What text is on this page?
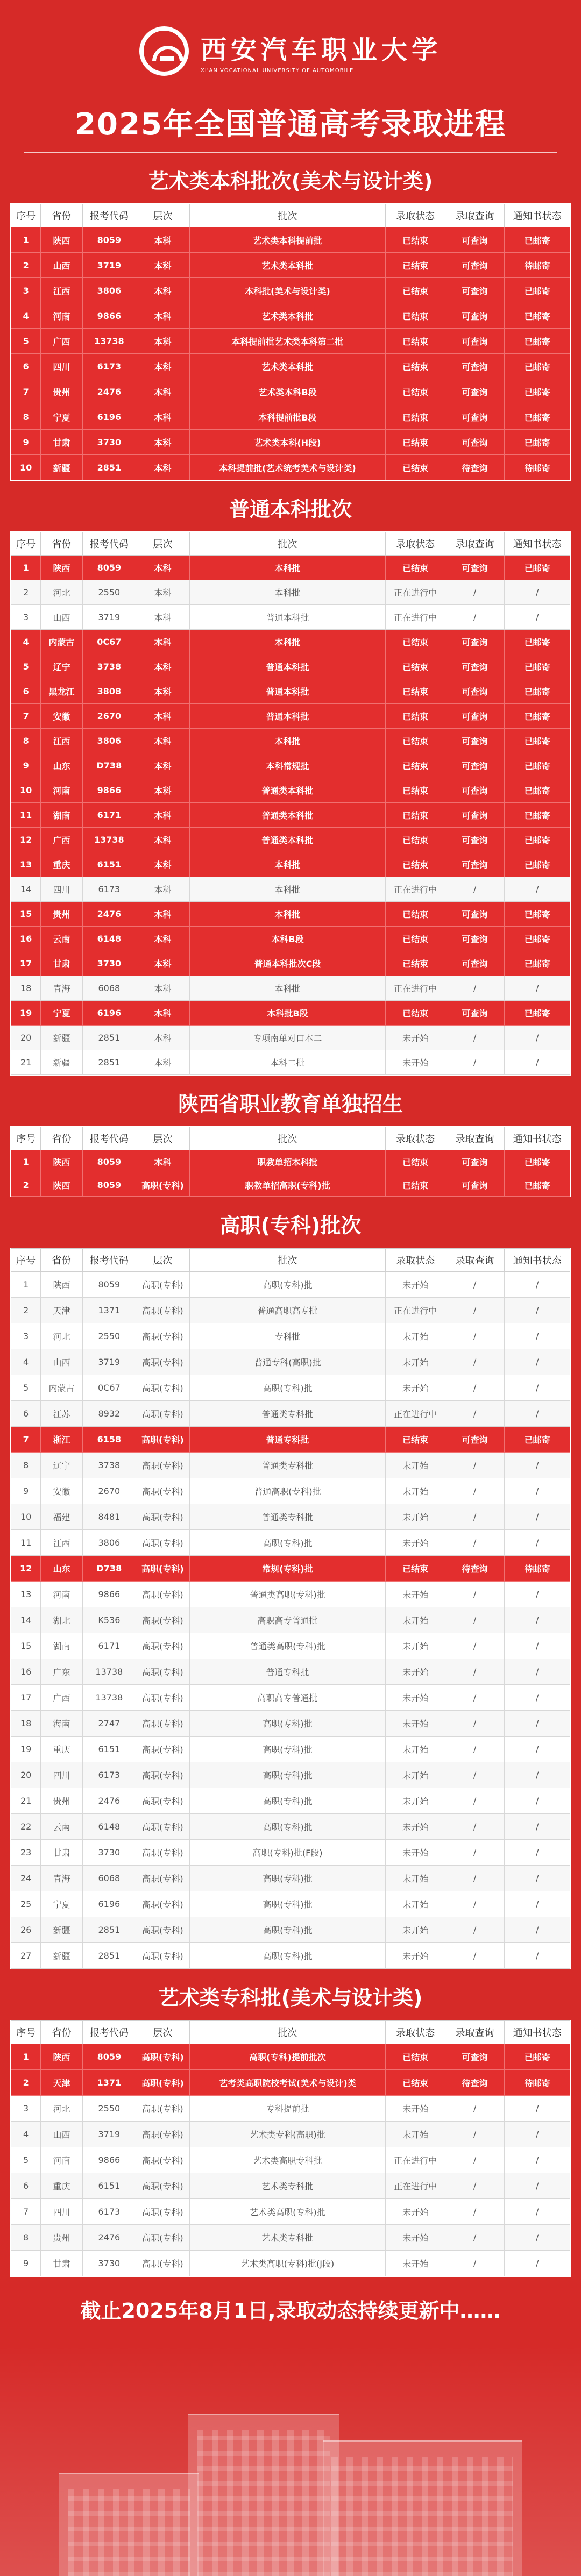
西安汽车职业大学
XI'AN VOCATIONAL UNIVERSITY OF AUTOMOBILE
2025年全国普通高考录取进程
艺术类本科批次(美术与设计类)
序号	省份	报考代码	层次	批次	录取状态	录取查询	通知书状态
1	陕西	8059	本科	艺术类本科提前批	已结束	可查询	已邮寄
2	山西	3719	本科	艺术类本科批	已结束	可查询	待邮寄
3	江西	3806	本科	本科批(美术与设计类)	已结束	可查询	已邮寄
4	河南	9866	本科	艺术类本科批	已结束	可查询	已邮寄
5	广西	13738	本科	本科提前批艺术类本科第二批	已结束	可查询	已邮寄
6	四川	6173	本科	艺术类本科批	已结束	可查询	已邮寄
7	贵州	2476	本科	艺术类本科B段	已结束	可查询	已邮寄
8	宁夏	6196	本科	本科提前批B段	已结束	可查询	已邮寄
9	甘肃	3730	本科	艺术类本科(H段)	已结束	可查询	已邮寄
10	新疆	2851	本科	本科提前批(艺术统考美术与设计类)	已结束	待查询	待邮寄
普通本科批次
序号	省份	报考代码	层次	批次	录取状态	录取查询	通知书状态
1	陕西	8059	本科	本科批	已结束	可查询	已邮寄
2	河北	2550	本科	本科批	正在进行中	/	/
3	山西	3719	本科	普通本科批	正在进行中	/	/
4	内蒙古	0C67	本科	本科批	已结束	可查询	已邮寄
5	辽宁	3738	本科	普通本科批	已结束	可查询	已邮寄
6	黑龙江	3808	本科	普通本科批	已结束	可查询	已邮寄
7	安徽	2670	本科	普通本科批	已结束	可查询	已邮寄
8	江西	3806	本科	本科批	已结束	可查询	已邮寄
9	山东	D738	本科	本科常规批	已结束	可查询	已邮寄
10	河南	9866	本科	普通类本科批	已结束	可查询	已邮寄
11	湖南	6171	本科	普通类本科批	已结束	可查询	已邮寄
12	广西	13738	本科	普通类本科批	已结束	可查询	已邮寄
13	重庆	6151	本科	本科批	已结束	可查询	已邮寄
14	四川	6173	本科	本科批	正在进行中	/	/
15	贵州	2476	本科	本科批	已结束	可查询	已邮寄
16	云南	6148	本科	本科B段	已结束	可查询	已邮寄
17	甘肃	3730	本科	普通本科批次C段	已结束	可查询	已邮寄
18	青海	6068	本科	本科批	正在进行中	/	/
19	宁夏	6196	本科	本科批B段	已结束	可查询	已邮寄
20	新疆	2851	本科	专项南单对口本二	未开始	/	/
21	新疆	2851	本科	本科二批	未开始	/	/
陕西省职业教育单独招生
序号	省份	报考代码	层次	批次	录取状态	录取查询	通知书状态
1	陕西	8059	本科	职教单招本科批	已结束	可查询	已邮寄
2	陕西	8059	高职(专科)	职教单招高职(专科)批	已结束	可查询	已邮寄
高职(专科)批次
序号	省份	报考代码	层次	批次	录取状态	录取查询	通知书状态
1	陕西	8059	高职(专科)	高职(专科)批	未开始	/	/
2	天津	1371	高职(专科)	普通高职高专批	正在进行中	/	/
3	河北	2550	高职(专科)	专科批	未开始	/	/
4	山西	3719	高职(专科)	普通专科(高职)批	未开始	/	/
5	内蒙古	0C67	高职(专科)	高职(专科)批	未开始	/	/
6	江苏	8932	高职(专科)	普通类专科批	正在进行中	/	/
7	浙江	6158	高职(专科)	普通专科批	已结束	可查询	已邮寄
8	辽宁	3738	高职(专科)	普通类专科批	未开始	/	/
9	安徽	2670	高职(专科)	普通高职(专科)批	未开始	/	/
10	福建	8481	高职(专科)	普通类专科批	未开始	/	/
11	江西	3806	高职(专科)	高职(专科)批	未开始	/	/
12	山东	D738	高职(专科)	常规(专科)批	已结束	待查询	待邮寄
13	河南	9866	高职(专科)	普通类高职(专科)批	未开始	/	/
14	湖北	K536	高职(专科)	高职高专普通批	未开始	/	/
15	湖南	6171	高职(专科)	普通类高职(专科)批	未开始	/	/
16	广东	13738	高职(专科)	普通专科批	未开始	/	/
17	广西	13738	高职(专科)	高职高专普通批	未开始	/	/
18	海南	2747	高职(专科)	高职(专科)批	未开始	/	/
19	重庆	6151	高职(专科)	高职(专科)批	未开始	/	/
20	四川	6173	高职(专科)	高职(专科)批	未开始	/	/
21	贵州	2476	高职(专科)	高职(专科)批	未开始	/	/
22	云南	6148	高职(专科)	高职(专科)批	未开始	/	/
23	甘肃	3730	高职(专科)	高职(专科)批(F段)	未开始	/	/
24	青海	6068	高职(专科)	高职(专科)批	未开始	/	/
25	宁夏	6196	高职(专科)	高职(专科)批	未开始	/	/
26	新疆	2851	高职(专科)	高职(专科)批	未开始	/	/
27	新疆	2851	高职(专科)	高职(专科)批	未开始	/	/
艺术类专科批(美术与设计类)
序号	省份	报考代码	层次	批次	录取状态	录取查询	通知书状态
1	陕西	8059	高职(专科)	高职(专科)提前批次	已结束	可查询	已邮寄
2	天津	1371	高职(专科)	艺考类高职院校考试(美术与设计)类	已结束	待查询	待邮寄
3	河北	2550	高职(专科)	专科提前批	未开始	/	/
4	山西	3719	高职(专科)	艺术类专科(高职)批	未开始	/	/
5	河南	9866	高职(专科)	艺术类高职专科批	正在进行中	/	/
6	重庆	6151	高职(专科)	艺术类专科批	正在进行中	/	/
7	四川	6173	高职(专科)	艺术类高职(专科)批	未开始	/	/
8	贵州	2476	高职(专科)	艺术类专科批	未开始	/	/
9	甘肃	3730	高职(专科)	艺术类高职(专科)批(J段)	未开始	/	/
截止2025年8月1日,录取动态持续更新中……
